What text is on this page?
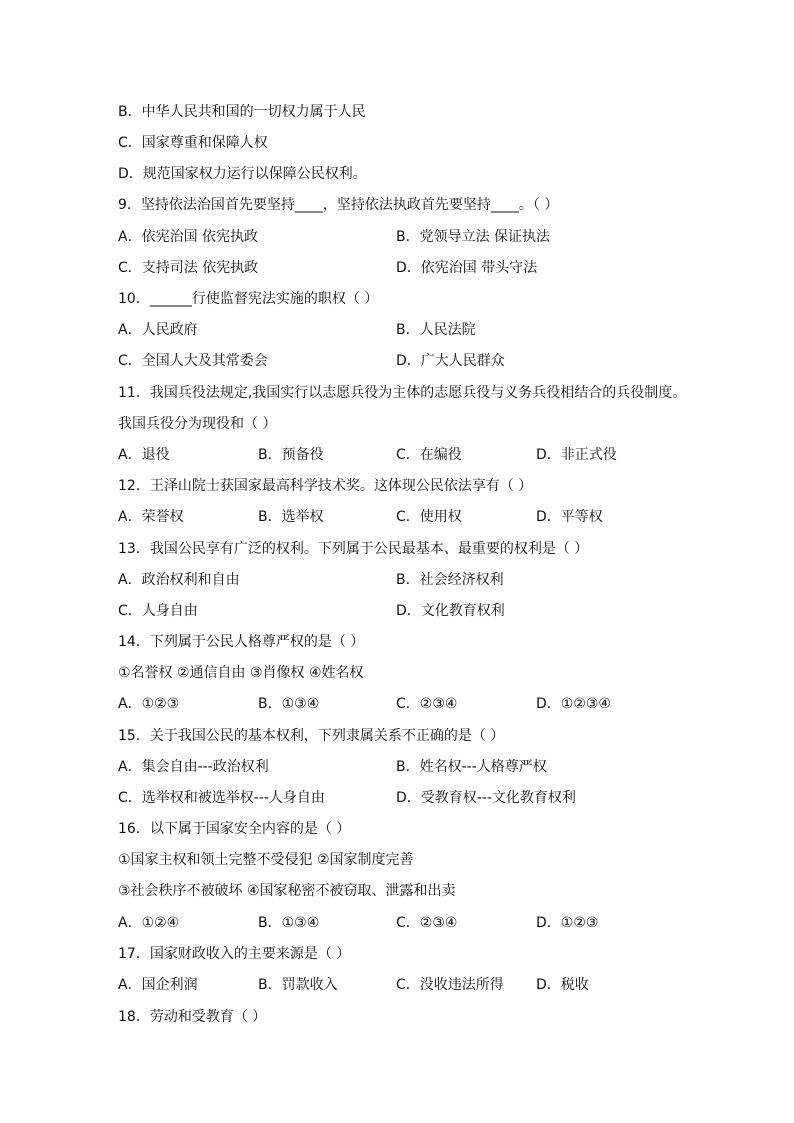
B．中华人民共和国的一切权力属于人民
C．国家尊重和保障人权
D．规范国家权力运行以保障公民权利。
9．坚持依法治国首先要坚持____，坚持依法执政首先要坚持____。（ ）
A．依宪治国 依宪执政	B．党领导立法 保证执法
C．支持司法 依宪执政	D．依宪治国 带头守法
10．______行使监督宪法实施的职权（ ）
A．人民政府	B．人民法院
C．全国人大及其常委会	D．广大人民群众
11．我国兵役法规定,我国实行以志愿兵役为主体的志愿兵役与义务兵役相结合的兵役制度。
我国兵役分为现役和（ ）
A．退役	B．预备役	C．在编役	D．非正式役
12．王泽山院士获国家最高科学技术奖。这体现公民依法享有（ ）
A．荣誉权	B．选举权	C．使用权	D．平等权
13．我国公民享有广泛的权利。下列属于公民最基本、最重要的权利是（ ）
A．政治权利和自由	B．社会经济权利
C．人身自由	D．文化教育权利
14．下列属于公民人格尊严权的是（ ）
①名誉权 ②通信自由 ③肖像权 ④姓名权
A．①②③	B．①③④	C．②③④	D．①②③④
15．关于我国公民的基本权利，下列隶属关系不正确的是（ ）
A．集会自由---政治权利	B．姓名权---人格尊严权
C．选举权和被选举权---人身自由	D．受教育权---文化教育权利
16．以下属于国家安全内容的是（ ）
①国家主权和领土完整不受侵犯 ②国家制度完善
③社会秩序不被破坏 ④国家秘密不被窃取、泄露和出卖
A．①②④	B．①③④	C．②③④	D．①②③
17．国家财政收入的主要来源是（ ）
A．国企利润	B．罚款收入	C．没收违法所得 D．税收
18．劳动和受教育（ ）
